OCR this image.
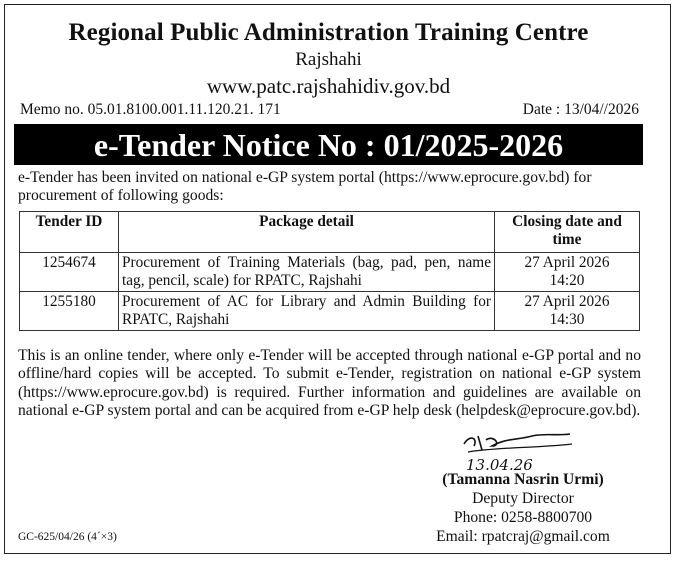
Regional Public Administration Training Centre
Rajshahi
www.patc.rajshahidiv.gov.bd
Memo no. 05.01.8100.001.11.120.21. 171	Date : 13/04//2026
e-Tender Notice No : 01/2025-2026
e-Tender has been invited on national e-GP system portal (https://www.eprocure.gov.bd) for procurement of following goods:
Tender ID	Package detail	Closing date and time
1254674	Procurement of Training Materials (bag, pad, pen, name tag, pencil, scale) for RPATC, Rajshahi	27 April 2026
14:20

1255180	Procurement of AC for Library and Admin Building for RPATC, Rajshahi	27 April 2026
14:30
This is an online tender, where only e-Tender will be accepted through national e-GP portal and no offline/hard copies will be accepted. To submit e-Tender, registration on national e-GP system (https://www.eprocure.gov.bd) is required. Further information and guidelines are available on national e-GP system portal and can be acquired from e-GP help desk (helpdesk@eprocure.gov.bd).
13.04.26
(Tamanna Nasrin Urmi)
Deputy Director
Phone: 0258-8800700
Email: rpatcraj@gmail.com
GC-625/04/26 (4´×3)
